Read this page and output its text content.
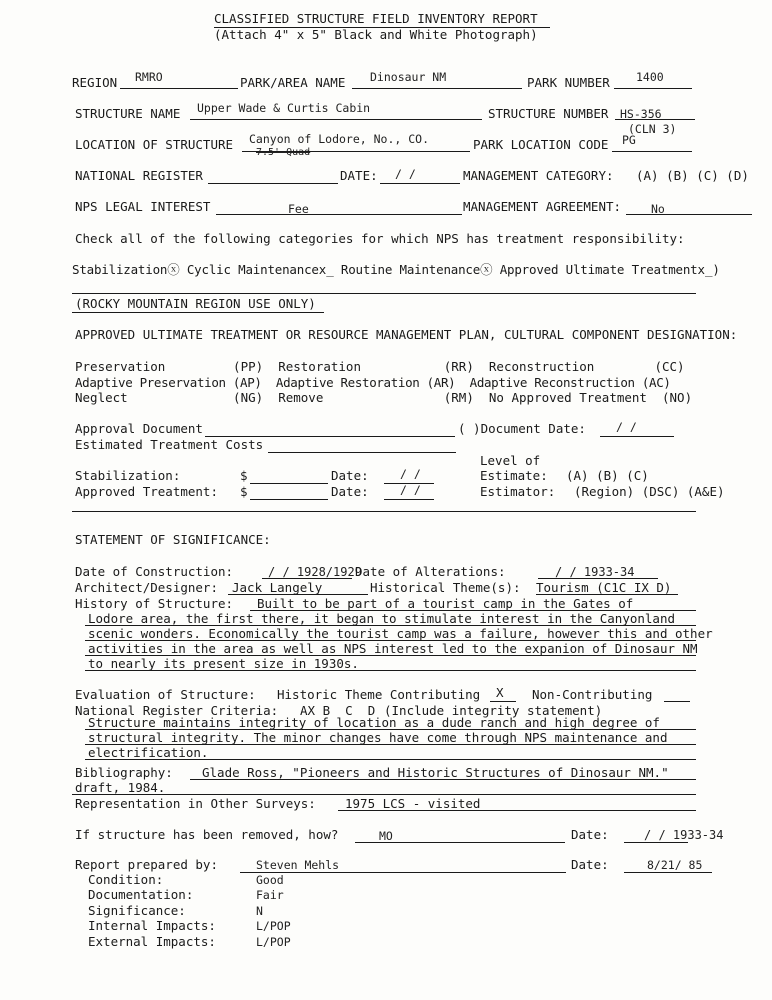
CLASSIFIED STRUCTURE FIELD INVENTORY REPORT
(Attach 4" x 5" Black and White Photograph)
REGION RMRO	PARK/AREA NAME Dinosaur NM	PARK NUMBER 1400
STRUCTURE NAME Upper Wade & Curtis Cabin	STRUCTURE NUMBER HS-356
LOCATION OF STRUCTURE Canyon of Lodore, No., CO.
7.5' Quad
PARK LOCATION CODE PG
(CLN 3)
NATIONAL REGISTER	DATE: / /	MANAGEMENT CATEGORY: (A) (B) (C) (D)
NPS LEGAL INTEREST	Fee	MANAGEMENT AGREEMENT:	No
Check all of the following categories for which NPS has treatment responsibility:
Stabilizationⓧ Cyclic Maintenancex̲ Routine Maintenanceⓧ Approved Ultimate Treatmentx̲)
(ROCKY MOUNTAIN REGION USE ONLY)
APPROVED ULTIMATE TREATMENT OR RESOURCE MANAGEMENT PLAN, CULTURAL COMPONENT DESIGNATION:
Preservation         (PP)  Restoration           (RR)  Reconstruction        (CC)
Adaptive Preservation (AP)  Adaptive Restoration (AR)  Adaptive Reconstruction (AC)
Neglect              (NG)  Remove                (RM)  No Approved Treatment  (NO)
Approval Document	( )Document Date:	/ /
Estimated Treatment Costs
Level of
Stabilization:	$	Date:	/ /	Estimate: (A) (B) (C)
Approved Treatment: $	Date:	/ /	Estimator: (Region) (DSC) (A&E)
STATEMENT OF SIGNIFICANCE:
Date of Construction:	/ / 1928/1929
Date of Alterations:	/ / 1933-34
Architect/Designer: Jack Langely	Historical Theme(s): Tourism (C1C IX D)
History of Structure: Built to be part of a tourist camp in the Gates of
Lodore area, the first there, it began to stimulate interest in the Canyonland
scenic wonders. Economically the tourist camp was a failure, however this and other
activities in the area as well as NPS interest led to the expanion of Dinosaur NM
to nearly its present size in 1930s.
Evaluation of Structure: Historic Theme Contributing X Non-Contributing
National Register Criteria: AX B  C  D (Include integrity statement)
Structure maintains integrity of location as a dude ranch and high degree of
structural integrity. The minor changes have come through NPS maintenance and
electrification.
Bibliography: Glade Ross, "Pioneers and Historic Structures of Dinosaur NM."
draft, 1984.
Representation in Other Surveys: 1975 LCS - visited
If structure has been removed, how?	MO	Date:	/ / 1933-34
Report prepared by:	Steven Mehls	Date:	8/21/ 85
Condition:	Good
Documentation:	Fair
Significance:	N
Internal Impacts:	L/POP
External Impacts:	L/POP
